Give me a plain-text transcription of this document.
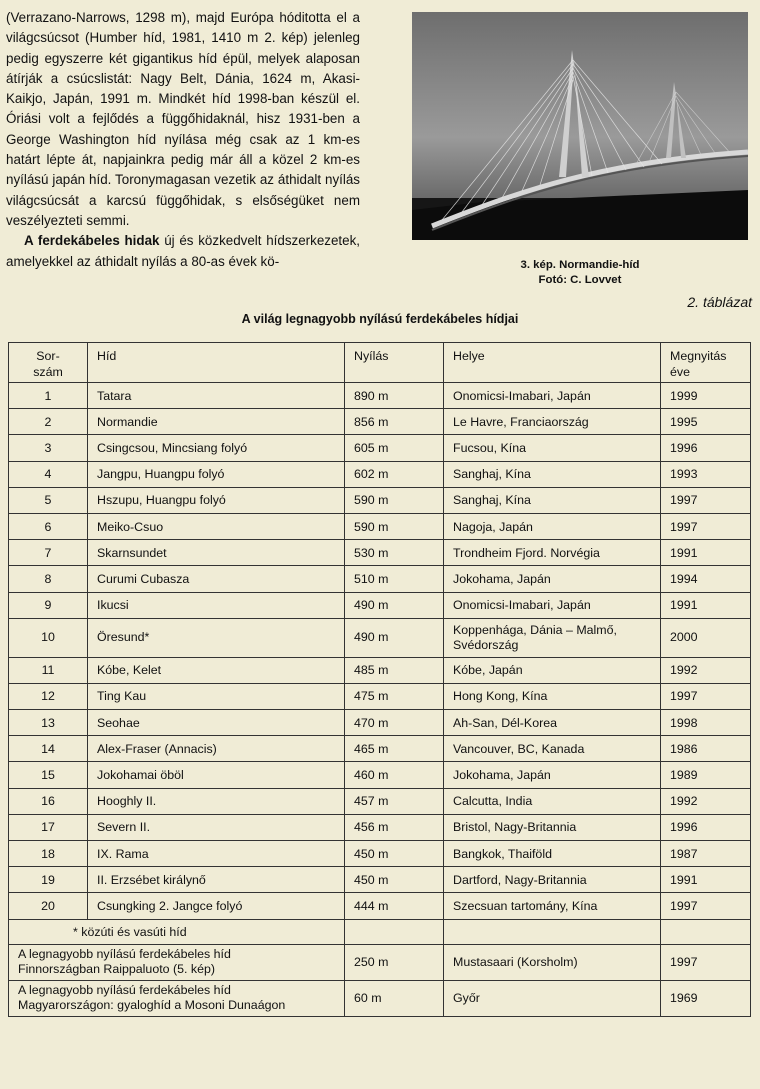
(Verrazano-Narrows, 1298 m), majd Európa hóditotta el a világcsúcsot (Humber híd, 1981, 1410 m 2. kép) jelenleg pedig egyszerre két gigantikus híd épül, melyek alaposan átírják a csúcslistát: Nagy Belt, Dánia, 1624 m, Akasi-Kaikjo, Japán, 1991 m. Mindkét híd 1998-ban készül el. Óriási volt a fejlődés a függőhidaknál, hisz 1931-ben a George Washington híd nyílása még csak az 1 km-es határt lépte át, napjainkra pedig már áll a közel 2 km-es nyílású japán híd. Toronymagasan vezetik az áthidalt nyílás világcsúcsát a karcsú függőhidak, s elsőségüket nem veszélyezteti semmi.

A ferdekábeles hidak új és közkedvelt hídszerkezetek, amelyekkel az áthidalt nyílás a 80-as évek kö-	3. kép. Normandie-híd
Fotó: C. Lovvet
2. táblázat
A világ legnagyobb nyílású ferdekábeles hídjai
Sor-
szám	Híd	Nyílás	Helye	Megnyitás
éve
1	Tatara	890 m	Onomicsi-Imabari, Japán	1999
2	Normandie	856 m	Le Havre, Franciaország	1995
3	Csingcsou, Mincsiang folyó	605 m	Fucsou, Kína	1996
4	Jangpu, Huangpu folyó	602 m	Sanghaj, Kína	1993
5	Hszupu, Huangpu folyó	590 m	Sanghaj, Kína	1997
6	Meiko-Csuo	590 m	Nagoja, Japán	1997
7	Skarnsundet	530 m	Trondheim Fjord. Norvégia	1991
8	Curumi Cubasza	510 m	Jokohama, Japán	1994
9	Ikucsi	490 m	Onomicsi-Imabari, Japán	1991
10	Öresund*	490 m	Koppenhága, Dánia – Malmő, Svédország	2000
11	Kóbe, Kelet	485 m	Kóbe, Japán	1992
12	Ting Kau	475 m	Hong Kong, Kína	1997
13	Seohae	470 m	Ah-San, Dél-Korea	1998
14	Alex-Fraser (Annacis)	465 m	Vancouver, BC, Kanada	1986
15	Jokohamai öböl	460 m	Jokohama, Japán	1989
16	Hooghly II.	457 m	Calcutta, India	1992
17	Severn II.	456 m	Bristol, Nagy-Britannia	1996
18	IX. Rama	450 m	Bangkok, Thaiföld	1987
19	II. Erzsébet királynő	450 m	Dartford, Nagy-Britannia	1991
20	Csungking 2. Jangce folyó	444 m	Szecsuan tartomány, Kína	1997
* közúti és vasúti híd				
A legnagyobb nyílású ferdekábeles híd
Finnországban Raippaluoto (5. kép)		250 m	Mustasaari (Korsholm)	1997
A legnagyobb nyílású ferdekábeles híd
Magyarországon: gyaloghíd a Mosoni Dunaágon		60 m	Győr	1969
